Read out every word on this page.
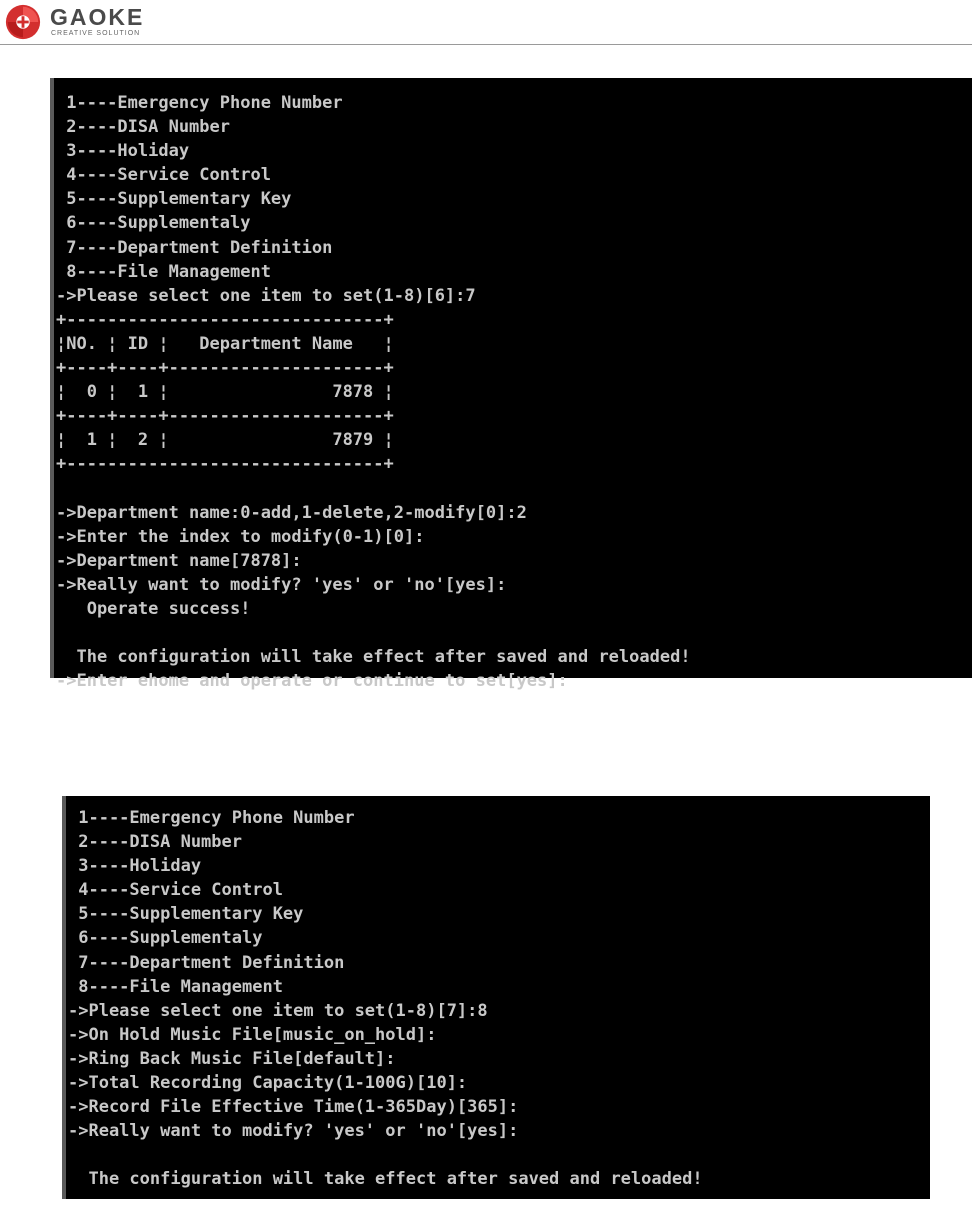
GAOKE
CREATIVE SOLUTION
1----Emergency Phone Number
2----DISA Number
3----Holiday
4----Service Control
5----Supplementary Key
6----Supplementaly
7----Department Definition
8----File Management
->Please select one item to set(1-8)[6]:7
+-------------------------------+
¦NO. ¦ ID ¦   Department Name   ¦
+----+----+---------------------+
¦  0 ¦  1 ¦                7878 ¦
+----+----+---------------------+
¦  1 ¦  2 ¦                7879 ¦
+-------------------------------+
->Department name:0-add,1-delete,2-modify[0]:2
->Enter the index to modify(0-1)[0]:
->Department name[7878]:
->Really want to modify? 'yes' or 'no'[yes]:
Operate success!
The configuration will take effect after saved and reloaded!
->Enter ehome and operate or continue to set[yes]:
1----Emergency Phone Number
2----DISA Number
3----Holiday
4----Service Control
5----Supplementary Key
6----Supplementaly
7----Department Definition
8----File Management
->Please select one item to set(1-8)[7]:8
->On Hold Music File[music_on_hold]:
->Ring Back Music File[default]:
->Total Recording Capacity(1-100G)[10]:
->Record File Effective Time(1-365Day)[365]:
->Really want to modify? 'yes' or 'no'[yes]:
The configuration will take effect after saved and reloaded!
